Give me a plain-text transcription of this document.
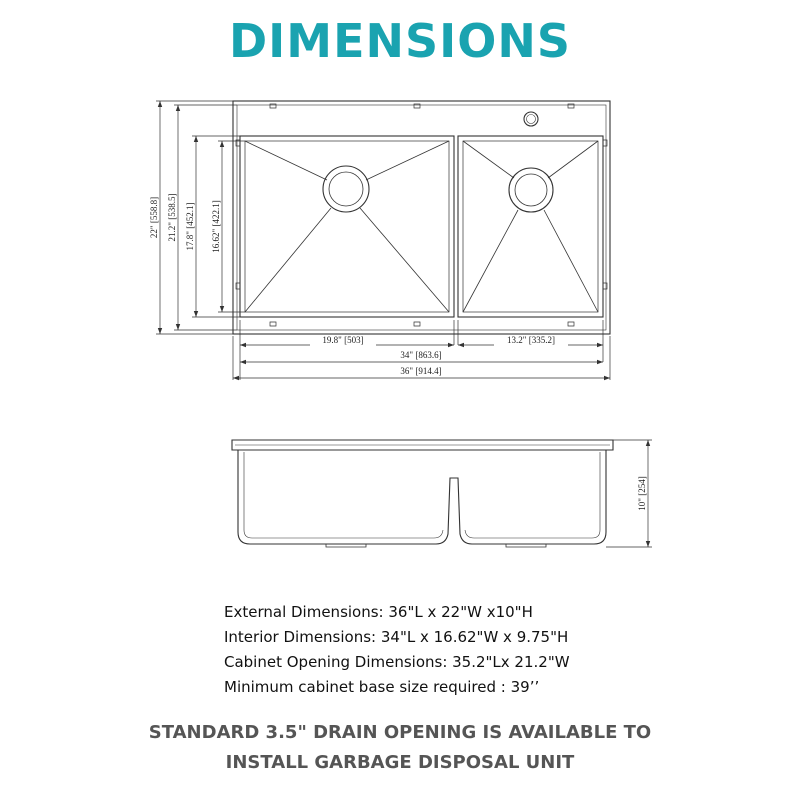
DIMENSIONS
19.8" [503]	13.2" [335.2]
34" [863.6]
36" [914.4]
22" [558.8] 21.2" [538.5] 17.8" [452.1] 16.62" [422.1]
10" [254]
External Dimensions: 36"L x 22"W x10"H
Interior Dimensions: 34"L x 16.62"W x 9.75"H
Cabinet Opening Dimensions: 35.2"Lx 21.2"W
Minimum cabinet base size required : 39’’
STANDARD 3.5" DRAIN OPENING IS AVAILABLE TO
INSTALL GARBAGE DISPOSAL UNIT
